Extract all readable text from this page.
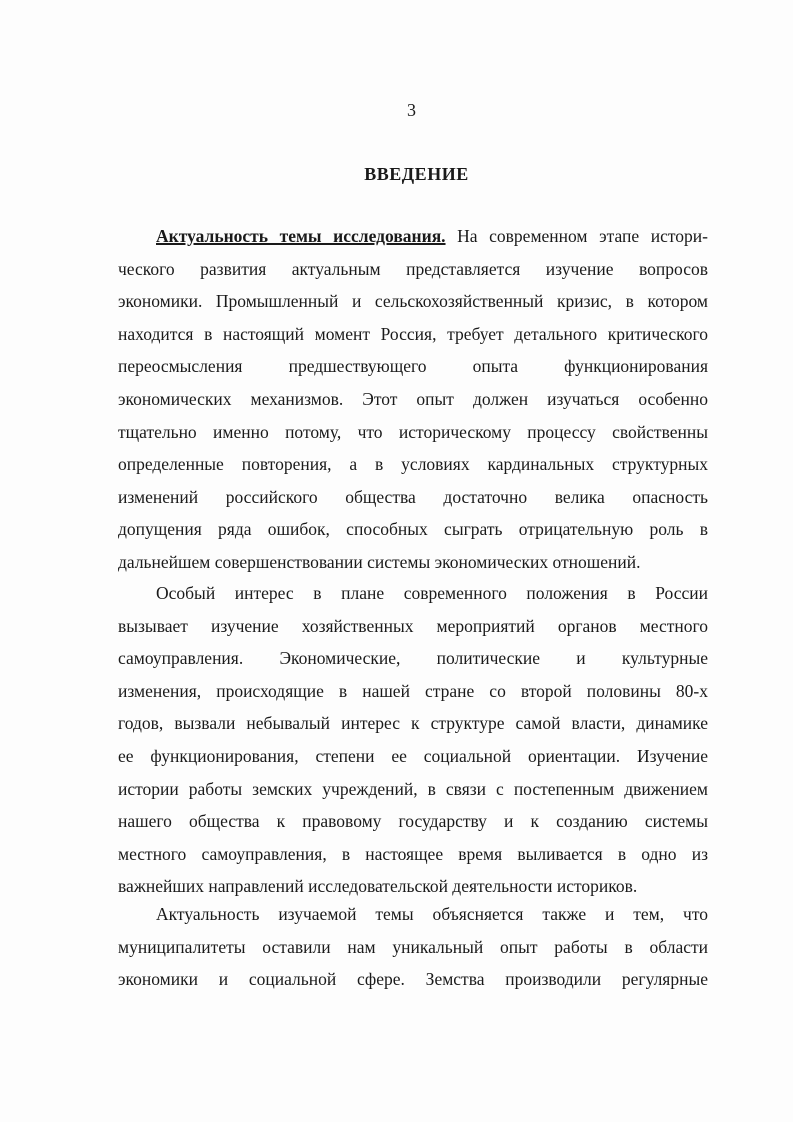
3
ВВЕДЕНИЕ
Актуальность темы исследования. На современном этапе истори-
ческого развития актуальным представляется изучение вопросов
экономики. Промышленный и сельскохозяйственный кризис, в котором
находится в настоящий момент Россия, требует детального критического
переосмысления предшествующего опыта функционирования
экономических механизмов. Этот опыт должен изучаться особенно
тщательно именно потому, что историческому процессу свойственны
определенные повторения, а в условиях кардинальных структурных
изменений российского общества достаточно велика опасность
допущения ряда ошибок, способных сыграть отрицательную роль в
дальнейшем совершенствовании системы экономических отношений.
Особый интерес в плане современного положения в России
вызывает изучение хозяйственных мероприятий органов местного
самоуправления. Экономические, политические и культурные
изменения, происходящие в нашей стране со второй половины 80-х
годов, вызвали небывалый интерес к структуре самой власти, динамике
ее функционирования, степени ее социальной ориентации. Изучение
истории работы земских учреждений, в связи с постепенным движением
нашего общества к правовому государству и к созданию системы
местного самоуправления, в настоящее время выливается в одно из
важнейших направлений исследовательской деятельности историков.
Актуальность изучаемой темы объясняется также и тем, что
муниципалитеты оставили нам уникальный опыт работы в области
экономики и социальной сфере. Земства производили регулярные
